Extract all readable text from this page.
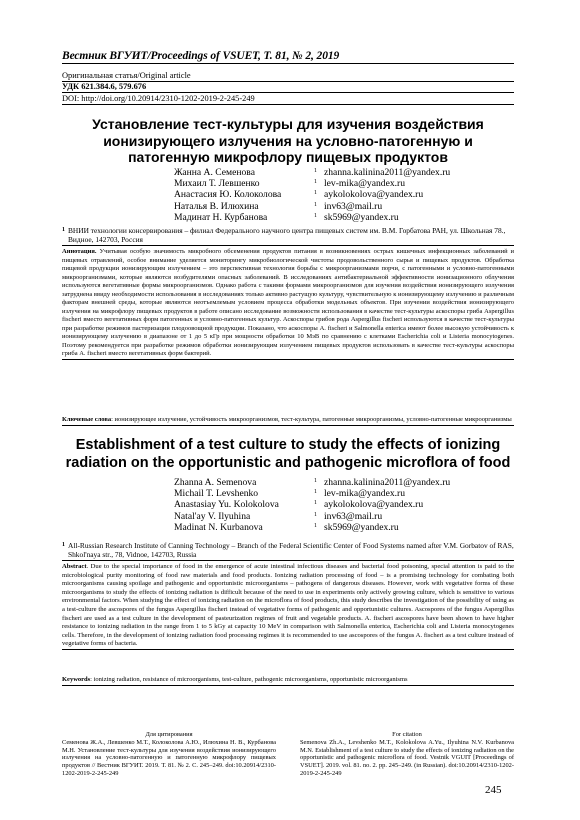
Вестник ВГУИТ/Proceedings of VSUET, Т. 81, № 2, 2019
Оригинальная статья/Original article
УДК 621.384.6, 579.676
DOI: http://doi.org/10.20914/2310-1202-2019-2-245-249
Установление тест-культуры для изучения воздействия ионизирующего излучения на условно-патогенную и патогенную микрофлору пищевых продуктов
Жанна А. Семенова	1 zhanna.kalinina2011@yandex.ru
Михаил Т. Левшенко	1 lev-mika@yandex.ru
Анастасия Ю. Колоколова	1 aykolokolova@yandex.ru
Наталья В. Илюхина	1 inv63@mail.ru
Мадинат Н. Курбанова	1 sk5969@yandex.ru
1 ВНИИ технологии консервирования – филиал Федерального научного центра пищевых систем им. В.М. Горбатова РАН, ул. Школьная 78., Видное, 142703, Россия
Аннотация. Учитывая особую значимость микробного обсеменения продуктов питания в возникновениях острых кишечных инфекционных заболеваний и пищевых отравлений, особое внимание уделяется мониторингу микробиологической чистоты продовольственного сырья и пищевых продуктов. Обработка пищевой продукции ионизирующим излучением – это перспективная технология борьбы с микроорганизмами порчи, с патогенными и условно-патогенными микроорганизмами, которые являются возбудителями опасных заболеваний. В исследованиях антибактериальной эффективности ионизационного облучения используются вегетативные формы микроорганизмов. Однако работа с такими формами микроорганизмов для изучения воздействия ионизирующего излучения затруднена ввиду необходимости использования в исследованиях только активно растущую культуру, чувствительную к ионизирующему излучению и различным факторам внешней среды, которые являются неотъемлемым условием процесса обработки модельных объектов. При изучении воздействия ионизирующего излучения на микрофлору пищевых продуктов в работе описано исследование возможности использования в качестве тест-культуры аскоспоры гриба Aspergillus fischeri вместо вегетативных форм патогенных и условно-патогенных культур. Аскоспоры грибов рода Aspergillus fischeri используются в качестве тест-культуры при разработке режимов пастеризации плодоовощной продукции. Показано, что аскоспоры A. fischeri и Salmonella enterica имеют более высокую устойчивость к ионизирующему излучению в диапазоне от 1 до 5 кГр при мощности обработки 10 МэВ по сравнению с клетками Escherichia coli и Listeria monocytogenes. Поэтому рекомендуется при разработке режимов обработки ионизирующим излучением пищевых продуктов использовать в качестве тест-культуры аскоспоры гриба A. fischeri вместо вегетативных форм бактерий.
Ключевые слова: ионизирующее излучение, устойчивость микроорганизмов, тест-культура, патогенные микроорганизмы, условно-патогенные микроорганизмы
Establishment of a test culture to study the effects of ionizing radiation on the opportunistic and pathogenic microflora of food
Zhanna A. Semenova	1 zhanna.kalinina2011@yandex.ru
Michail T. Levshenko	1 lev-mika@yandex.ru
Anastasiay Yu. Kolokolova	1 aykolokolova@yandex.ru
Natal'ay V. Ilyuhina	1 inv63@mail.ru
Madinat N. Kurbanova	1 sk5969@yandex.ru
1 All-Russian Research Institute of Canning Technology – Branch of the Federal Scientific Center of Food Systems named after V.M. Gorbatov of RAS, Shkol'naya str., 78, Vidnoe, 142703, Russia
Abstract. Due to the special importance of food in the emergence of acute intestinal infectious diseases and bacterial food poisoning, special attention is paid to the microbiological purity monitoring of food raw materials and food products. Ionizing radiation processing of food – is a promising technology for combating both microorganisms causing spoilage and pathogenic and opportunistic microorganisms – pathogens of dangerous diseases. However, work with vegetative forms of these microorganisms to study the effects of ionizing radiation is difficult because of the need to use in experiments only actively growing culture, which is sensitive to various environmental factors. When studying the effect of ionizing radiation on the microflora of food products, this study describes the investigation of the possibility of using as a test-culture the ascospores of the fungus Aspergillus fischeri instead of vegetative forms of pathogenic and opportunistic cultures. Ascospores of the fungus Aspergillus fischeri are used as a test culture in the development of pasteurization regimes of fruit and vegetable products. A. fischeri ascospores have been shown to have higher resistance to ionizing radiation in the range from 1 to 5 kGy at capacity 10 MeV in comparison with Salmonella enterica, Escherichia coli and Listeria monocytogenes cells. Therefore, in the development of ionizing radiation food processing regimes it is recommended to use ascospores of the fungus A. fischeri as a test culture instead of vegetative forms of bacteria.
Keywords: ionizing radiation, resistance of microorganisms, test-culture, pathogenic microorganisms, opportunistic microorganisms
Для цитирования
Семенова Ж.А., Левшенко М.Т., Колоколова А.Ю., Илюхина Н. В., Курбанова М.Н. Установление тест-культуры для изучения воздействия ионизирующего излучения на условно-патогенную и патогенную микрофлору пищевых продуктов // Вестник ВГУИТ. 2019. Т. 81. № 2. С. 245–249. doi:10.20914/2310-1202-2019-2-245-249
For citation
Semenova Zh.A., Levshenko M.T., Kolokolova A.Yu., Ilyuhina N.V. Kurbanova M.N. Establishment of a test culture to study the effects of ionizing radiation on the opportunistic and pathogenic microflora of food. Vestnik VGUIT [Proceedings of VSUET]. 2019. vol. 81. no. 2. pp. 245–249. (in Russian). doi:10.20914/2310-1202-2019-2-245-249
245
